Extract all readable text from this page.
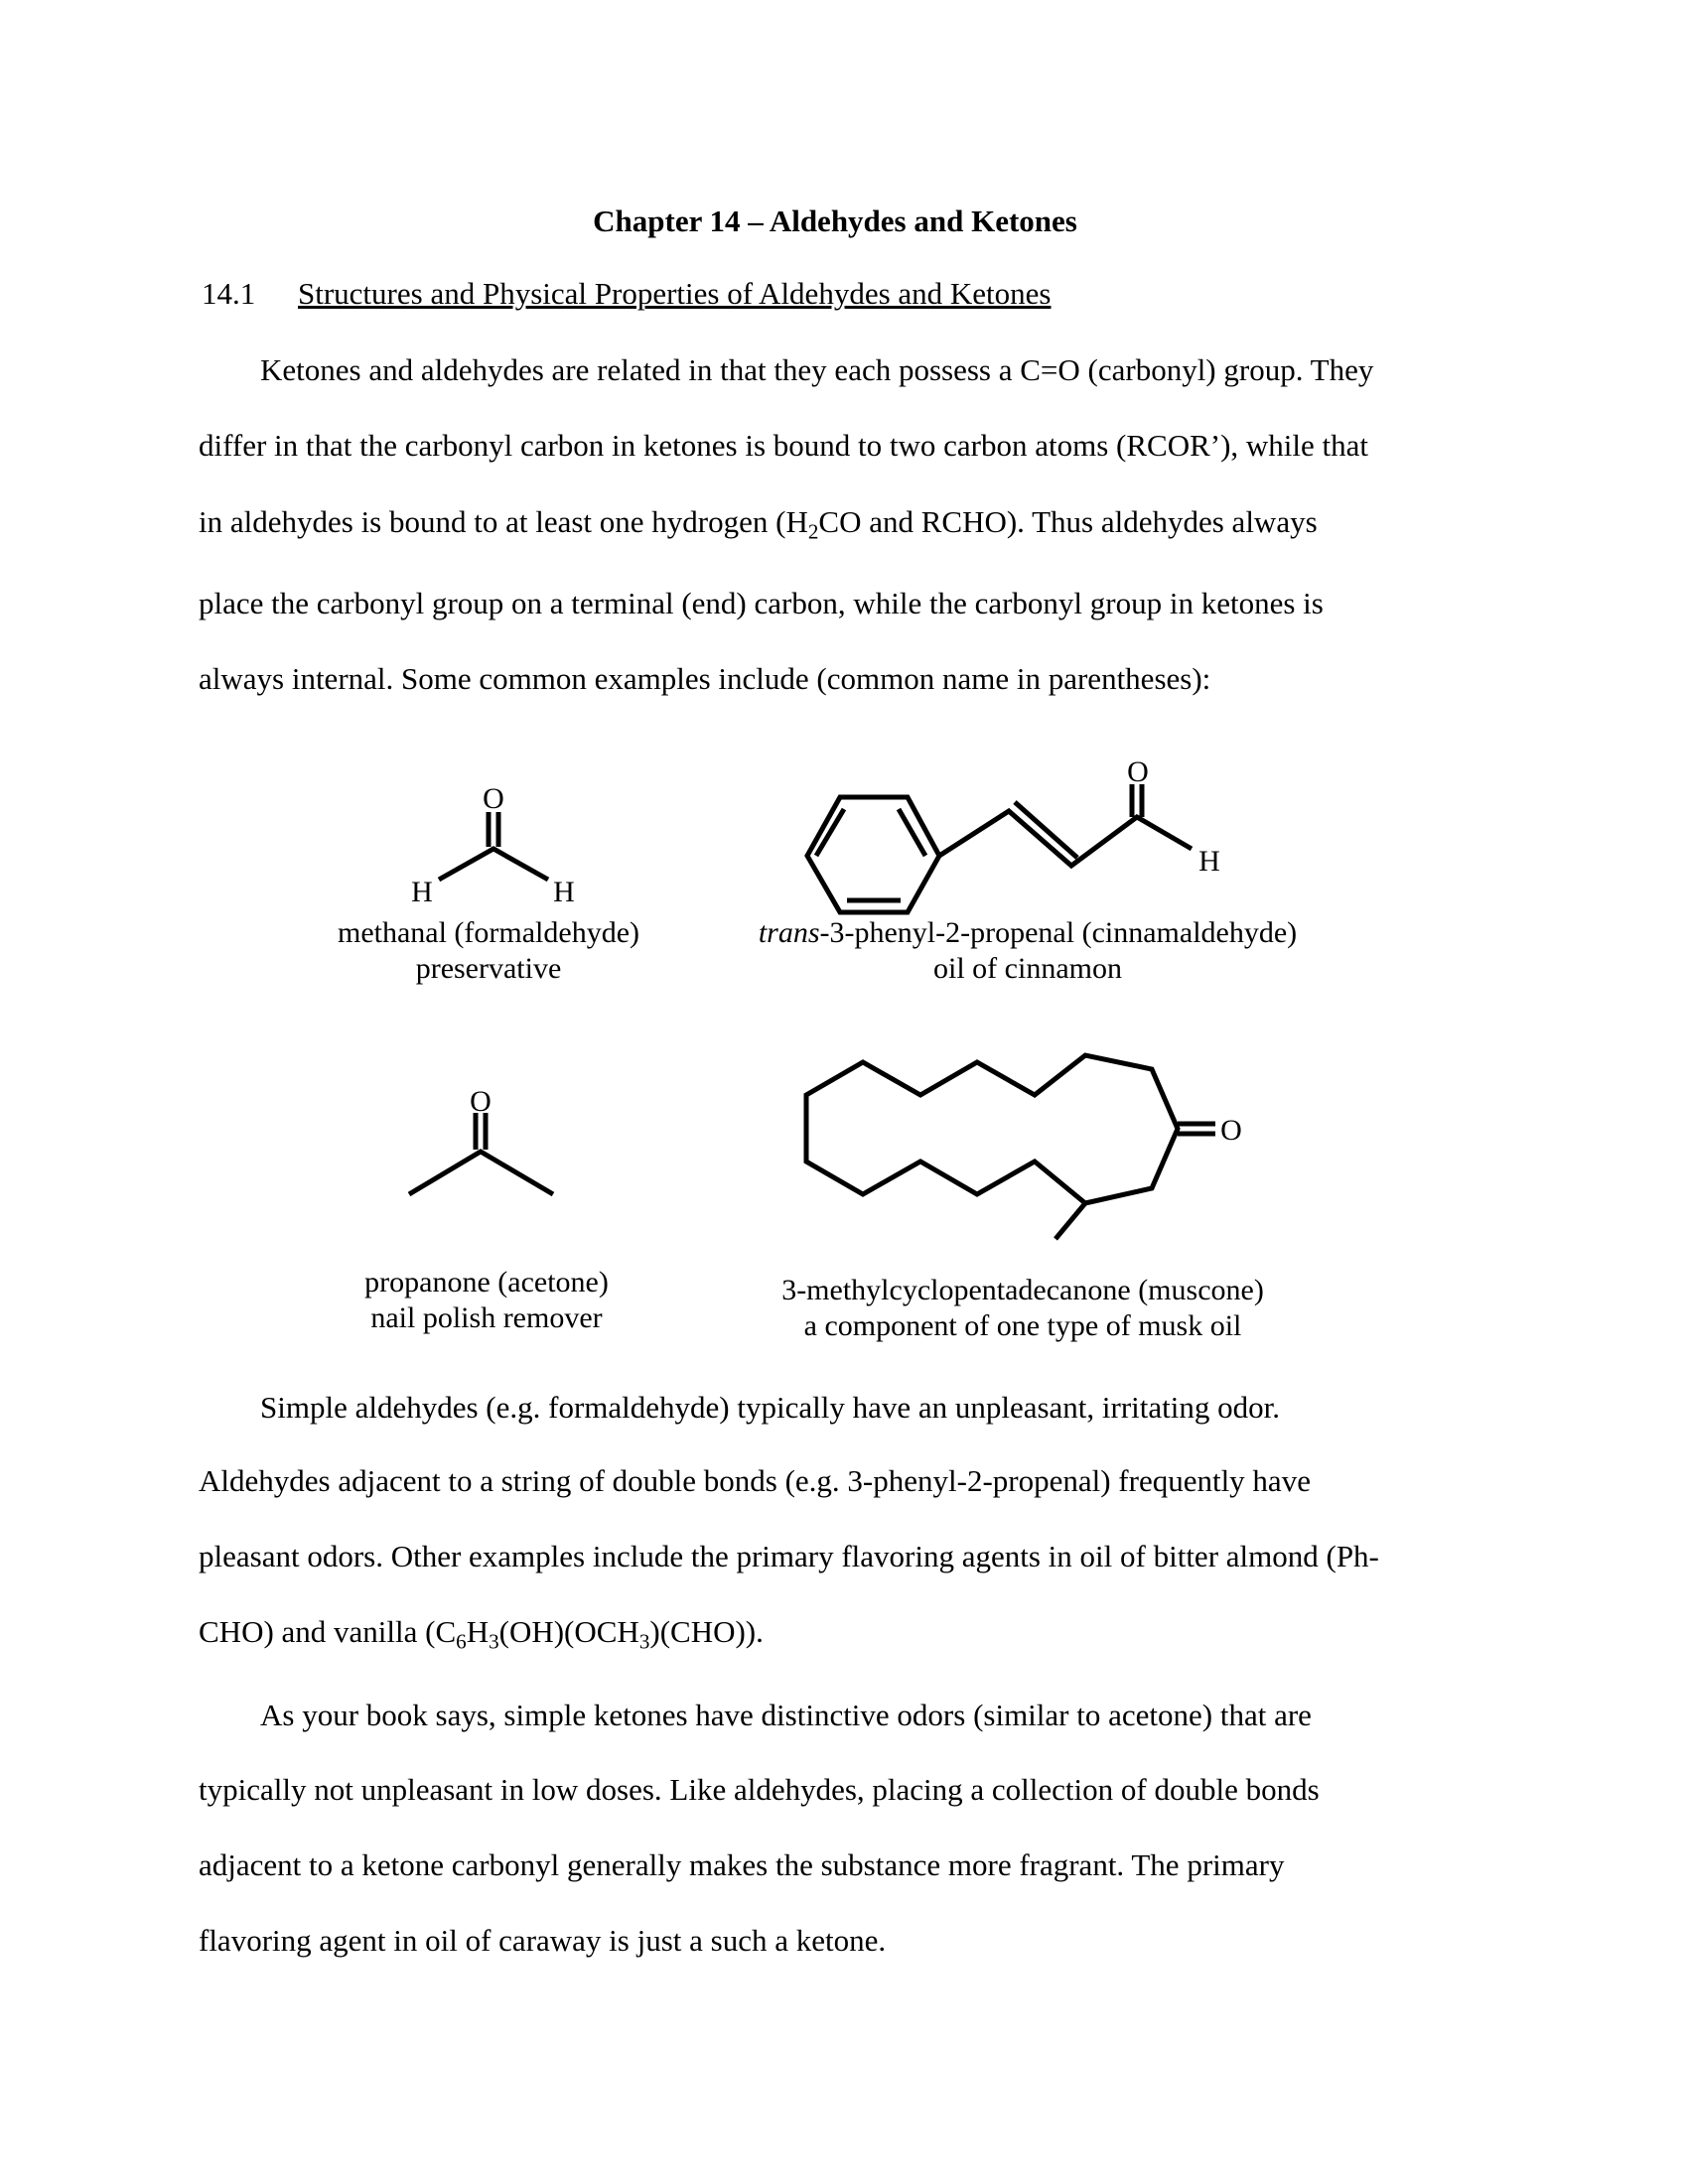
Chapter 14 – Aldehydes and Ketones
14.1 Structures and Physical Properties of Aldehydes and Ketones
Ketones and aldehydes are related in that they each possess a C=O (carbonyl) group. They
differ in that the carbonyl carbon in ketones is bound to two carbon atoms (RCOR’), while that
in aldehydes is bound to at least one hydrogen ($H_2CO$ and RCHO). Thus aldehydes always
place the carbonyl group on a terminal (end) carbon, while the carbonyl group in ketones is
always internal. Some common examples include (common name in parentheses):
O
H	H
O
H
O
O
methanal (formaldehyde)
preservative
trans-3-phenyl-2-propenal (cinnamaldehyde)
oil of cinnamon
propanone (acetone)
nail polish remover
3-methylcyclopentadecanone (muscone)
a component of one type of musk oil
Simple aldehydes (e.g. formaldehyde) typically have an unpleasant, irritating odor.
Aldehydes adjacent to a string of double bonds (e.g. 3-phenyl-2-propenal) frequently have
pleasant odors. Other examples include the primary flavoring agents in oil of bitter almond (Ph-
CHO) and vanilla $(C_6H_3(OH)(OCH_3)(CHO))$.
As your book says, simple ketones have distinctive odors (similar to acetone) that are
typically not unpleasant in low doses. Like aldehydes, placing a collection of double bonds
adjacent to a ketone carbonyl generally makes the substance more fragrant. The primary
flavoring agent in oil of caraway is just a such a ketone.
